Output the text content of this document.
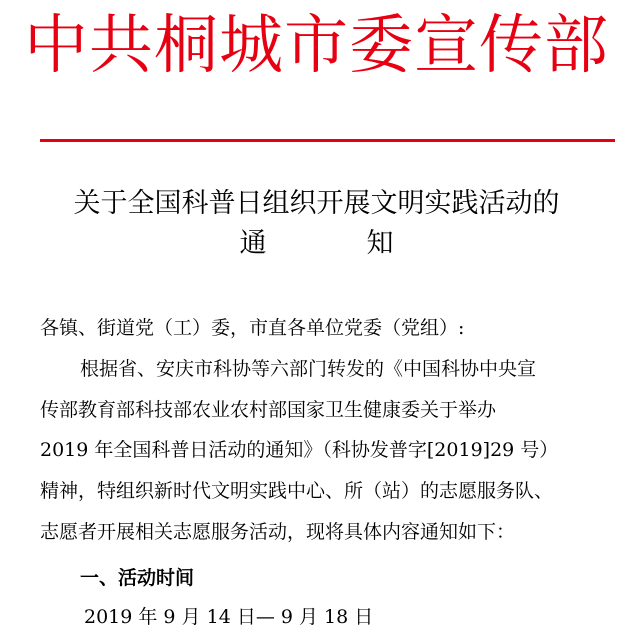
中共桐城市委宣传部
关于全国科普日组织开展文明实践活动的
通	知
各镇、街道党（工）委，市直各单位党委（党组）:
根据省、安庆市科协等六部门转发的《中国科协中央宣
传部教育部科技部农业农村部国家卫生健康委关于举办
2019 年全国科普日活动的通知》（科协发普字[2019]29 号）
精神，特组织新时代文明实践中心、所（站）的志愿服务队、
志愿者开展相关志愿服务活动，现将具体内容通知如下：
一、活动时间
2019 年 9 月 14 日— 9 月 18 日
